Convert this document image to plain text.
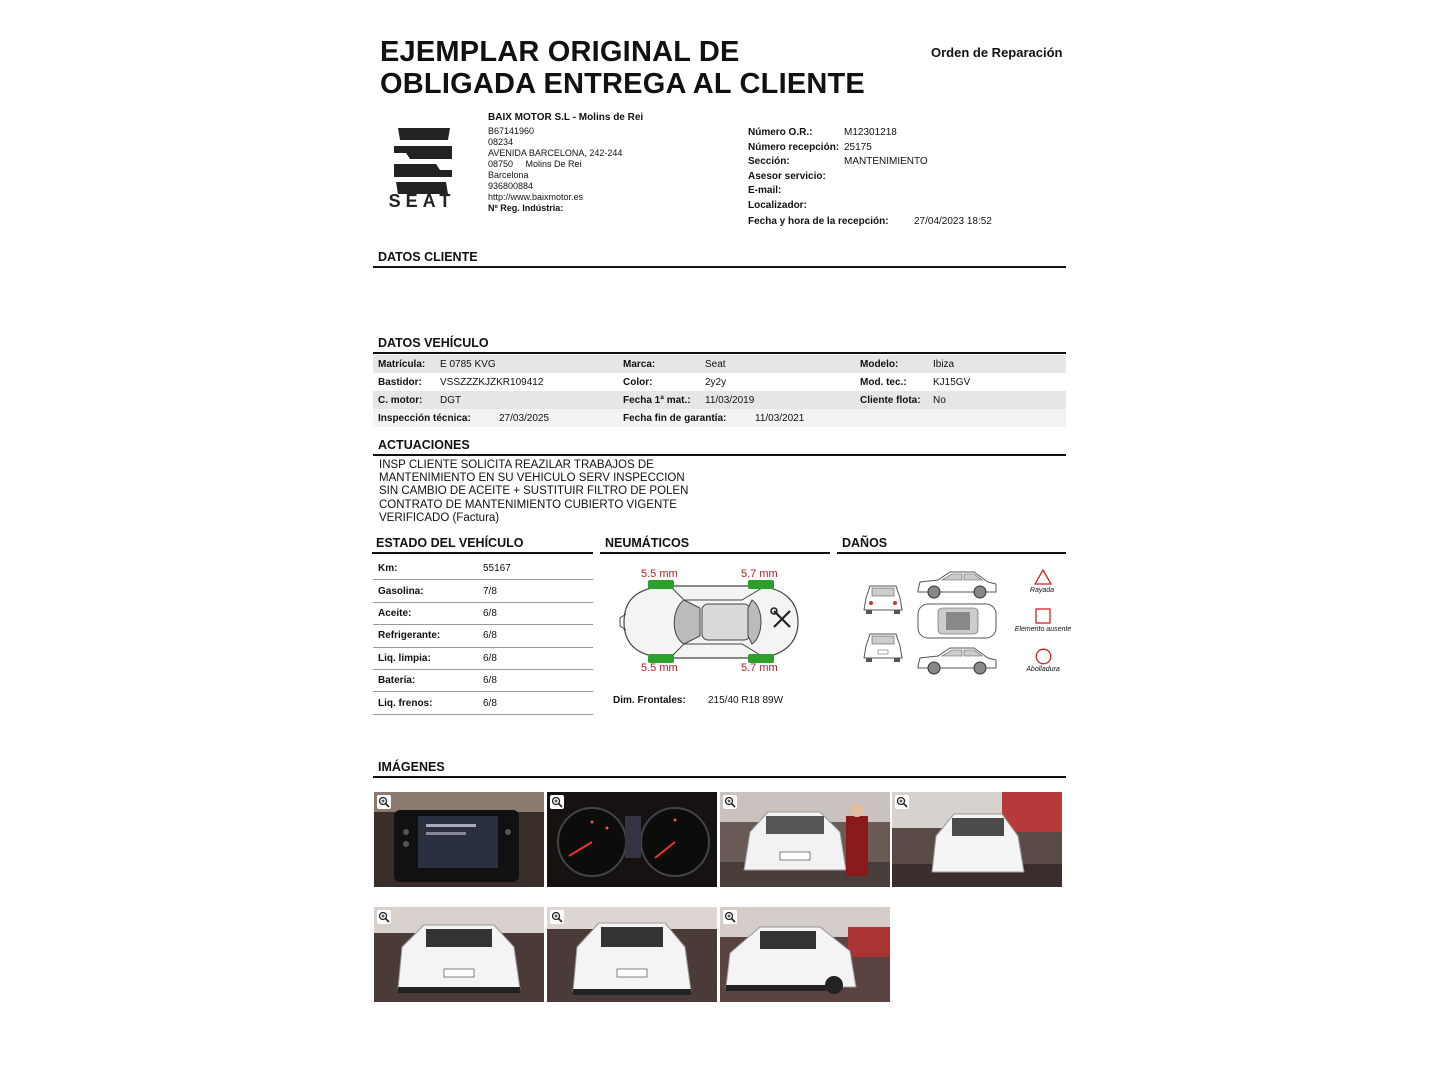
EJEMPLAR ORIGINAL DE
OBLIGADA ENTREGA AL CLIENTE
Orden de Reparación
SEAT
BAIX MOTOR S.L - Molins de Rei
B67141960
08234
AVENIDA BARCELONA, 242-244
08750 Molins De Rei
Barcelona
936800884
http://www.baixmotor.es
Nº Reg. Indústria:
Número O.R.:	M12301218
Número recepción: 25175
Sección:	MANTENIMIENTO
Asesor servicio:
E-mail:
Localizador:
Fecha y hora de la recepción:	27/04/2023 18:52
DATOS CLIENTE
DATOS VEHÍCULO
Matrícula: E 0785 KVG	Marca:	Seat	Modelo:	Ibiza
Bastidor: VSSZZZKJZKR109412	Color:	2y2y	Mod. tec.:	KJ15GV
C. motor: DGT	Fecha 1ª mat.: 11/03/2019	Cliente flota: No
Inspección técnica:	27/03/2025	Fecha fin de garantía:	11/03/2021
ACTUACIONES
INSP CLIENTE SOLICITA REAZILAR TRABAJOS DE
MANTENIMIENTO EN SU VEHICULO SERV INSPECCION
SIN CAMBIO DE ACEITE + SUSTITUIR FILTRO DE POLEN
CONTRATO DE MANTENIMIENTO CUBIERTO VIGENTE
VERIFICADO (Factura)
ESTADO DEL VEHÍCULO
Km:	55167
Gasolina:	7/8
Aceite:	6/8
Refrigerante:	6/8
Liq. limpia:	6/8
Batería:	6/8
Liq. frenos:	6/8
NEUMÁTICOS
5.5 mm	5.7 mm
5.5 mm	5.7 mm
Dim. Frontales: 215/40 R18 89W
DAÑOS
Rayada
Elemento ausente
Abolladura
IMÁGENES
